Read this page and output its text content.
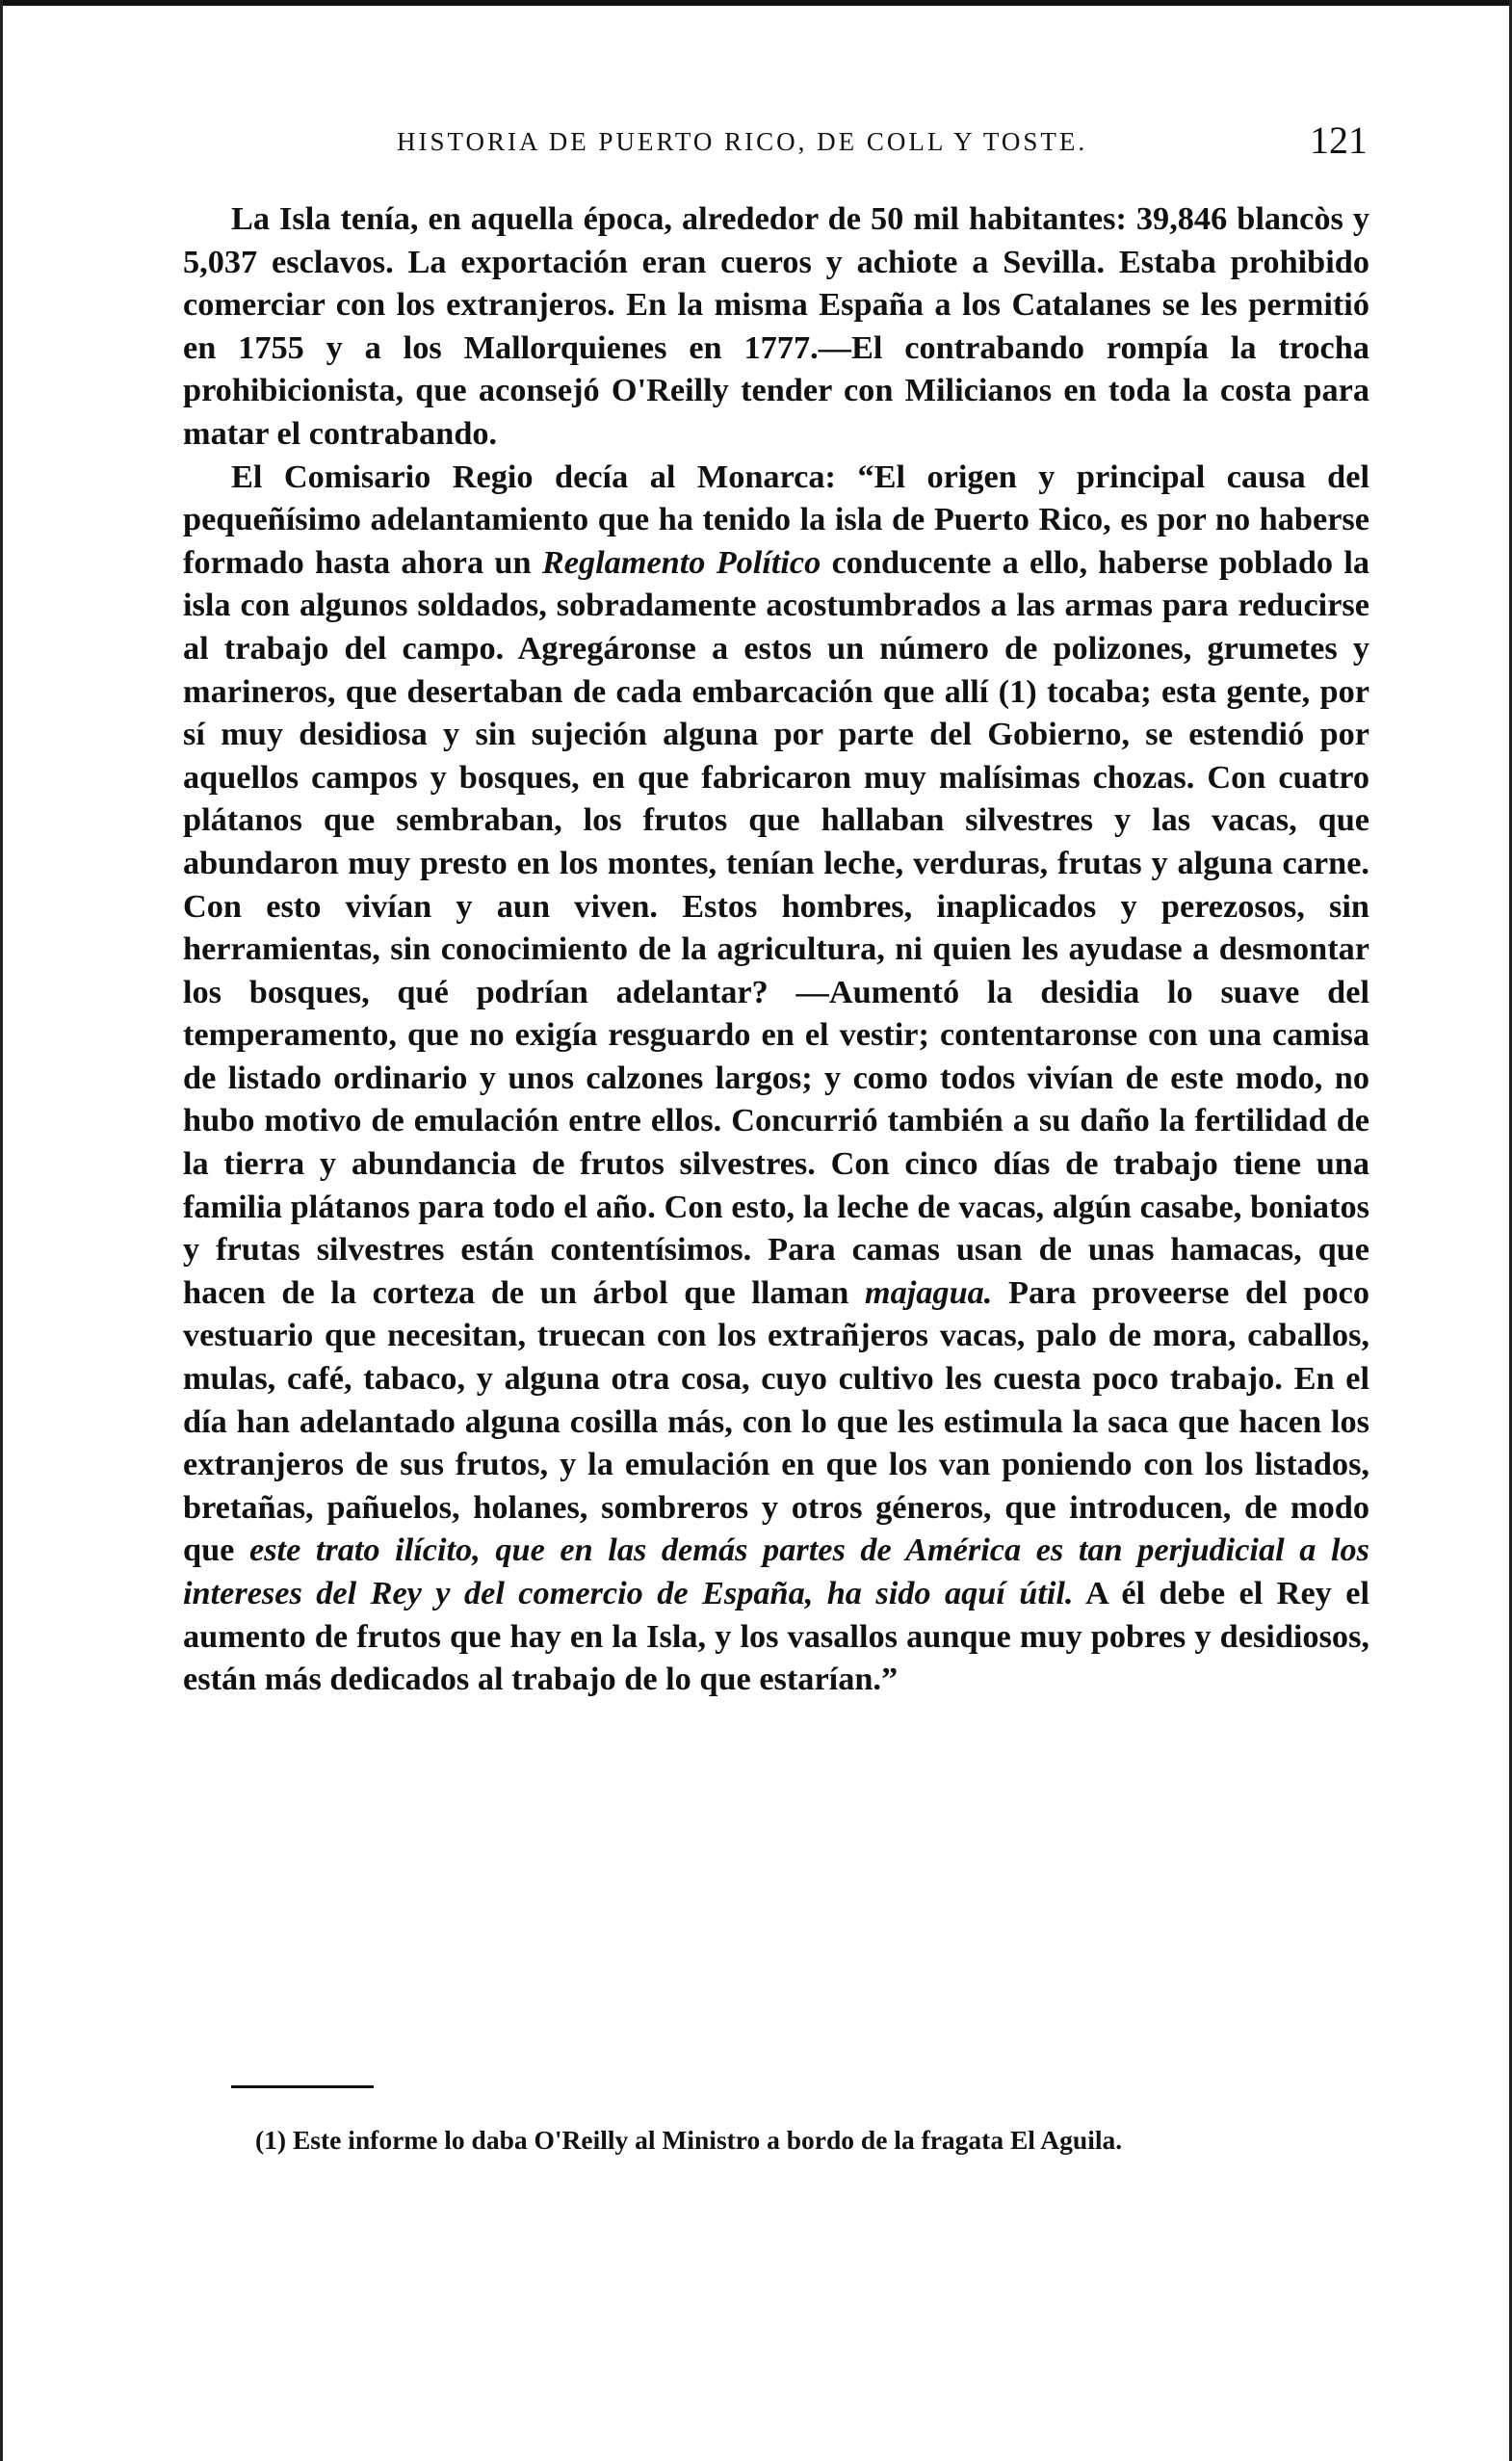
HISTORIA DE PUERTO RICO, DE COLL Y TOSTE.	121

La Isla tenía, en aquella época, alrededor de 50 mil habitantes: 39,846 blancòs y 5,037 esclavos. La exportación eran cueros y achiote a Sevilla. Estaba prohibido comerciar con los extranjeros. En la misma España a los Catalanes se les permitió en 1755 y a los Mallorquienes en 1777.—El contrabando rompía la trocha prohibicionista, que aconsejó O'Reilly tender con Milicianos en toda la costa para matar el contrabando.

El Comisario Regio decía al Monarca: “El origen y principal causa del pequeñísimo adelantamiento que ha tenido la isla de Puerto Rico, es por no haberse formado hasta ahora un Reglamento Político conducente a ello, haberse poblado la isla con algunos soldados, sobradamente acostumbrados a las armas para reducirse al trabajo del campo. Agregáronse a estos un número de polizones, grumetes y marineros, que desertaban de cada embarcación que allí (1) tocaba; esta gente, por sí muy desidiosa y sin sujeción alguna por parte del Gobierno, se estendió por aquellos campos y bosques, en que fabricaron muy malísimas chozas. Con cuatro plátanos que sembraban, los frutos que hallaban silvestres y las vacas, que abundaron muy presto en los montes, tenían leche, verduras, frutas y alguna carne. Con esto vivían y aun viven. Estos hombres, inaplicados y perezosos, sin herramientas, sin conocimiento de la agricultura, ni quien les ayudase a desmontar los bosques, qué podrían adelantar? —Aumentó la desidia lo suave del temperamento, que no exigía resguardo en el vestir; contentaronse con una camisa de listado ordinario y unos calzones largos; y como todos vivían de este modo, no hubo motivo de emulación entre ellos. Concurrió también a su daño la fertilidad de la tierra y abundancia de frutos silvestres. Con cinco días de trabajo tiene una familia plátanos para todo el año. Con esto, la leche de vacas, algún casabe, boniatos y frutas silvestres están contentísimos. Para camas usan de unas hamacas, que hacen de la corteza de un árbol que llaman majagua. Para proveerse del poco vestuario que necesitan, truecan con los extrañjeros vacas, palo de mora, caballos, mulas, café, tabaco, y alguna otra cosa, cuyo cultivo les cuesta poco trabajo. En el día han adelantado alguna cosilla más, con lo que les estimula la saca que hacen los extranjeros de sus frutos, y la emulación en que los van poniendo con los listados, bretañas, pañuelos, holanes, sombreros y otros géneros, que introducen, de modo que este trato ilícito, que en las demás partes de América es tan perjudicial a los intereses del Rey y del comercio de España, ha sido aquí útil. A él debe el Rey el aumento de frutos que hay en la Isla, y los vasallos aunque muy pobres y desidiosos, están más dedicados al trabajo de lo que estarían.”

(1) Este informe lo daba O'Reilly al Ministro a bordo de la fragata El Aguila.
